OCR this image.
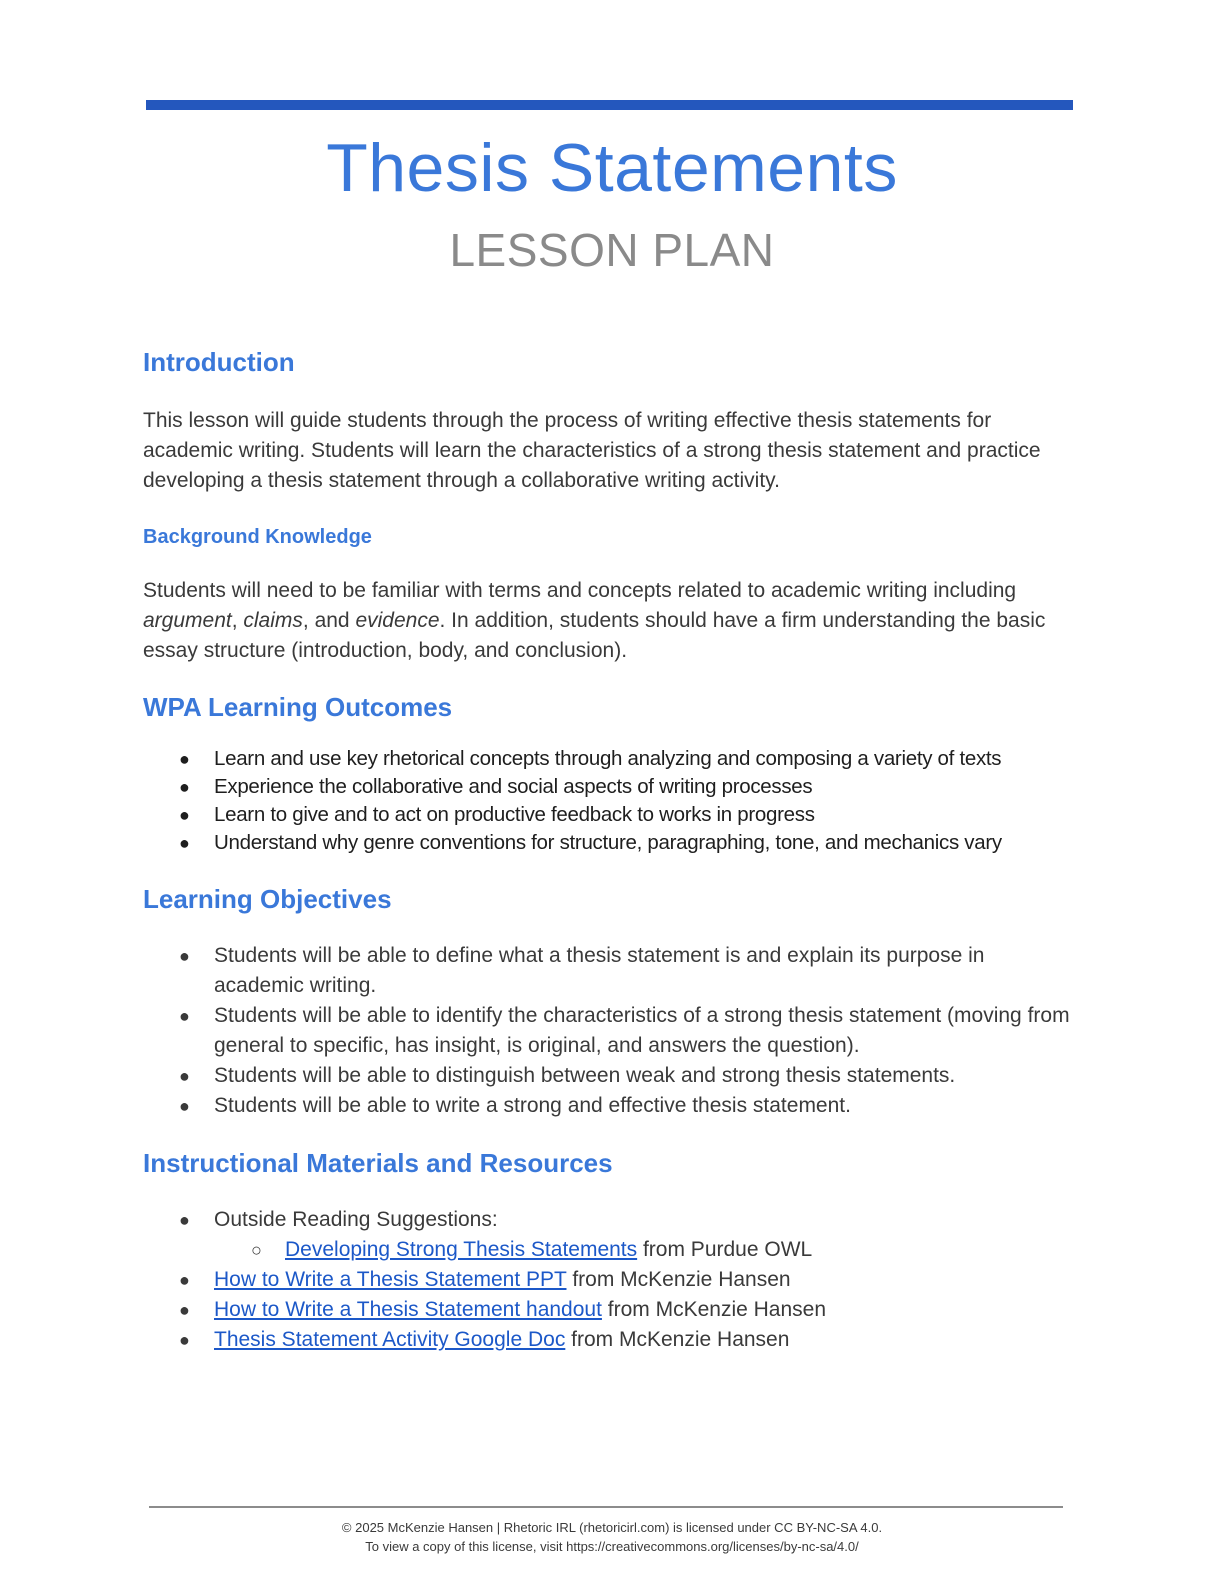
Thesis Statements
LESSON PLAN
Introduction

This lesson will guide students through the process of writing effective thesis statements for academic writing. Students will learn the characteristics of a strong thesis statement and practice developing a thesis statement through a collaborative writing activity.

Background Knowledge

Students will need to be familiar with terms and concepts related to academic writing including argument, claims, and evidence. In addition, students should have a firm understanding the basic essay structure (introduction, body, and conclusion).

WPA Learning Outcomes
● Learn and use key rhetorical concepts through analyzing and composing a variety of texts
● Experience the collaborative and social aspects of writing processes
● Learn to give and to act on productive feedback to works in progress
● Understand why genre conventions for structure, paragraphing, tone, and mechanics vary
Learning Objectives
● Students will be able to define what a thesis statement is and explain its purpose in academic writing.
● Students will be able to identify the characteristics of a strong thesis statement (moving from general to specific, has insight, is original, and answers the question).
● Students will be able to distinguish between weak and strong thesis statements.
● Students will be able to write a strong and effective thesis statement.
Instructional Materials and Resources
● Outside Reading Suggestions:
○ Developing Strong Thesis Statements from Purdue OWL
● How to Write a Thesis Statement PPT from McKenzie Hansen
● How to Write a Thesis Statement handout from McKenzie Hansen
● Thesis Statement Activity Google Doc from McKenzie Hansen
© 2025 McKenzie Hansen | Rhetoric IRL (rhetoricirl.com) is licensed under CC BY-NC-SA 4.0.
To view a copy of this license, visit https://creativecommons.org/licenses/by-nc-sa/4.0/
